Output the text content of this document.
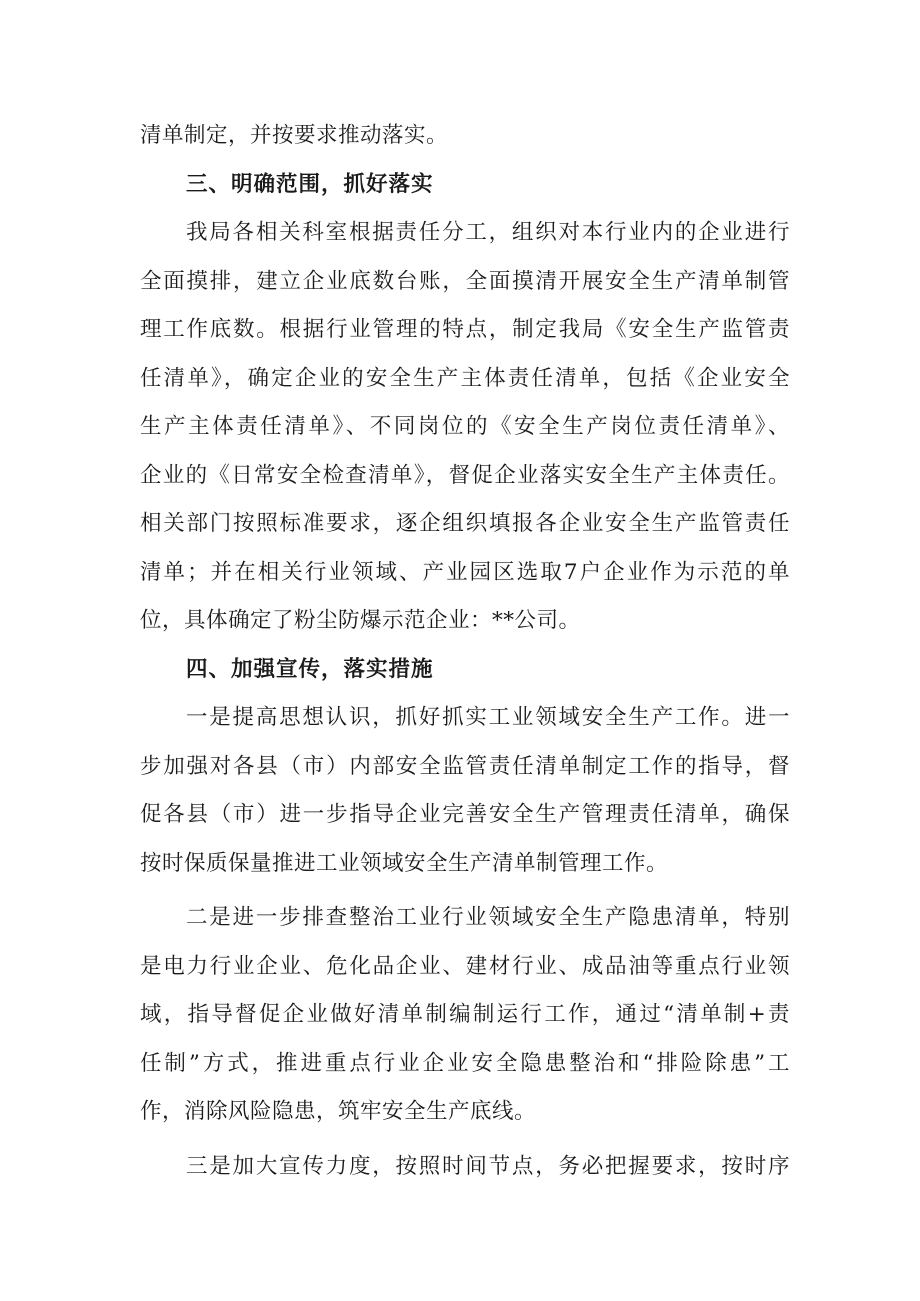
清单制定，并按要求推动落实。
三、明确范围，抓好落实
我局各相关科室根据责任分工，组织对本行业内的企业进行
全面摸排，建立企业底数台账，全面摸清开展安全生产清单制管
理工作底数。根据行业管理的特点，制定我局《安全生产监管责
任清单》，确定企业的安全生产主体责任清单，包括《企业安全
生产主体责任清单》、不同岗位的《安全生产岗位责任清单》、
企业的《日常安全检查清单》，督促企业落实安全生产主体责任。
相关部门按照标准要求，逐企组织填报各企业安全生产监管责任
清单；并在相关行业领域、产业园区选取7户企业作为示范的单
位，具体确定了粉尘防爆示范企业：**公司。
四、加强宣传，落实措施
一是提高思想认识，抓好抓实工业领域安全生产工作。进一
步加强对各县（市）内部安全监管责任清单制定工作的指导，督
促各县（市）进一步指导企业完善安全生产管理责任清单，确保
按时保质保量推进工业领域安全生产清单制管理工作。
二是进一步排查整治工业行业领域安全生产隐患清单，特别
是电力行业企业、危化品企业、建材行业、成品油等重点行业领
域，指导督促企业做好清单制编制运行工作，通过“清单制+责
任制”方式，推进重点行业企业安全隐患整治和“排险除患”工
作，消除风险隐患，筑牢安全生产底线。
三是加大宣传力度，按照时间节点，务必把握要求，按时序
